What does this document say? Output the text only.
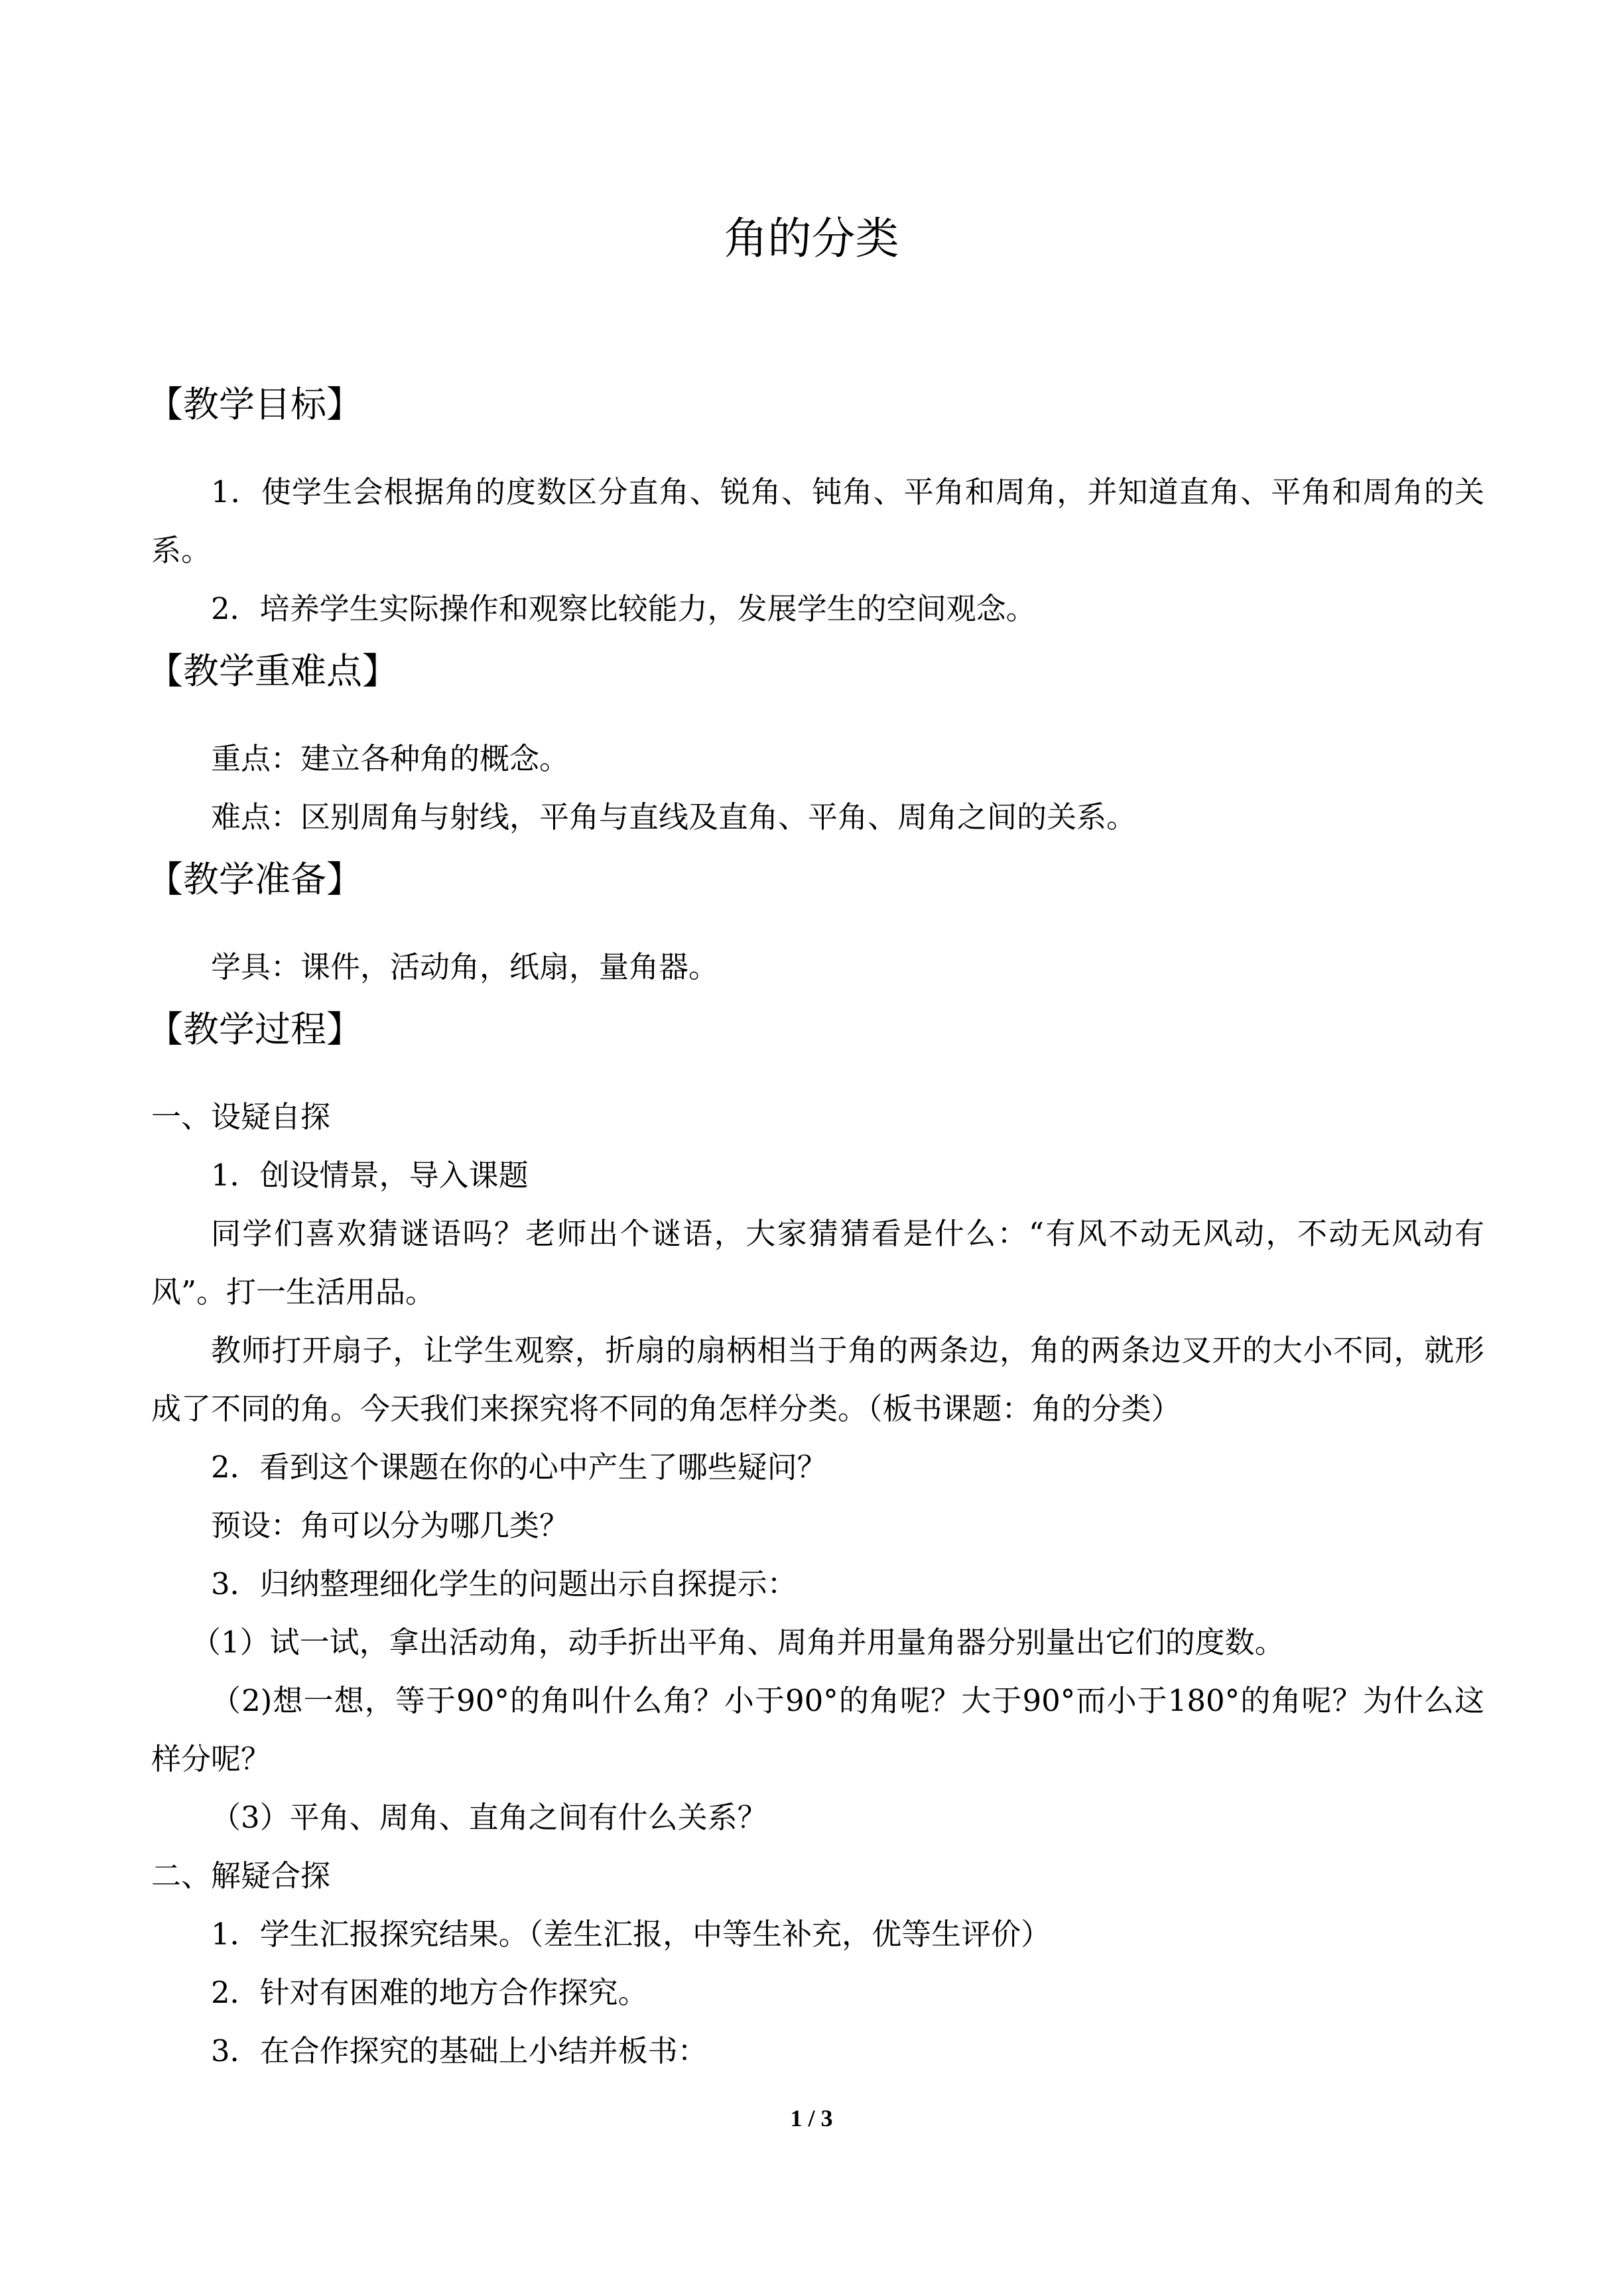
角的分类
【教学目标】

1．使学生会根据角的度数区分直角、锐角、钝角、平角和周角，并知道直角、平角和周角的关系。

2．培养学生实际操作和观察比较能力，发展学生的空间观念。

【教学重难点】

重点：建立各种角的概念。

难点：区别周角与射线，平角与直线及直角、平角、周角之间的关系。

【教学准备】

学具：课件，活动角，纸扇，量角器。

【教学过程】

一、设疑自探

1．创设情景，导入课题

同学们喜欢猜谜语吗？老师出个谜语，大家猜猜看是什么：“有风不动无风动，不动无风动有风”。打一生活用品。

教师打开扇子，让学生观察，折扇的扇柄相当于角的两条边，角的两条边叉开的大小不同，就形成了不同的角。今天我们来探究将不同的角怎样分类。（板书课题：角的分类）

2．看到这个课题在你的心中产生了哪些疑问？

预设：角可以分为哪几类？

3．归纳整理细化学生的问题出示自探提示：

（1）试一试，拿出活动角，动手折出平角、周角并用量角器分别量出它们的度数。

（2)想一想，等于90°的角叫什么角？小于90°的角呢？大于90°而小于180°的角呢？为什么这样分呢？

（3）平角、周角、直角之间有什么关系？

二、解疑合探

1．学生汇报探究结果。（差生汇报，中等生补充，优等生评价）

2．针对有困难的地方合作探究。

3．在合作探究的基础上小结并板书：

1 / 3
